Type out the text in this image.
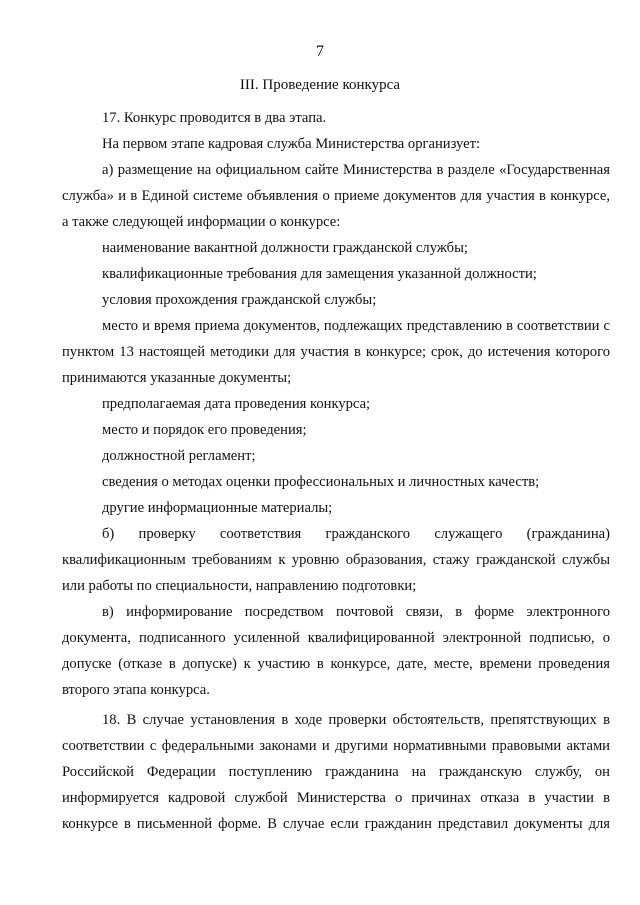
7
III. Проведение конкурса

17. Конкурс проводится в два этапа.

На первом этапе кадровая служба Министерства организует:

а) размещение на официальном сайте Министерства в разделе «Государственная служба» и в Единой системе объявления о приеме документов для участия в конкурсе, а также следующей информации о конкурсе:

наименование вакантной должности гражданской службы;

квалификационные требования для замещения указанной должности;

условия прохождения гражданской службы;

место и время приема документов, подлежащих представлению в соответствии с пунктом 13 настоящей методики для участия в конкурсе; срок, до истечения которого принимаются указанные документы;

предполагаемая дата проведения конкурса;

место и порядок его проведения;

должностной регламент;

сведения о методах оценки профессиональных и личностных качеств;

другие информационные материалы;

б) проверку соответствия гражданского служащего (гражданина) квалификационным требованиям к уровню образования, стажу гражданской службы или работы по специальности, направлению подготовки;

в) информирование посредством почтовой связи, в форме электронного документа, подписанного усиленной квалифицированной электронной подписью, о допуске (отказе в допуске) к участию в конкурсе, дате, месте, времени проведения второго этапа конкурса.

18. В случае установления в ходе проверки обстоятельств, препятствующих в соответствии с федеральными законами и другими нормативными правовыми актами Российской Федерации поступлению гражданина на гражданскую службу, он информируется кадровой службой Министерства о причинах отказа в участии в конкурсе в письменной форме. В случае если гражданин представил документы для
